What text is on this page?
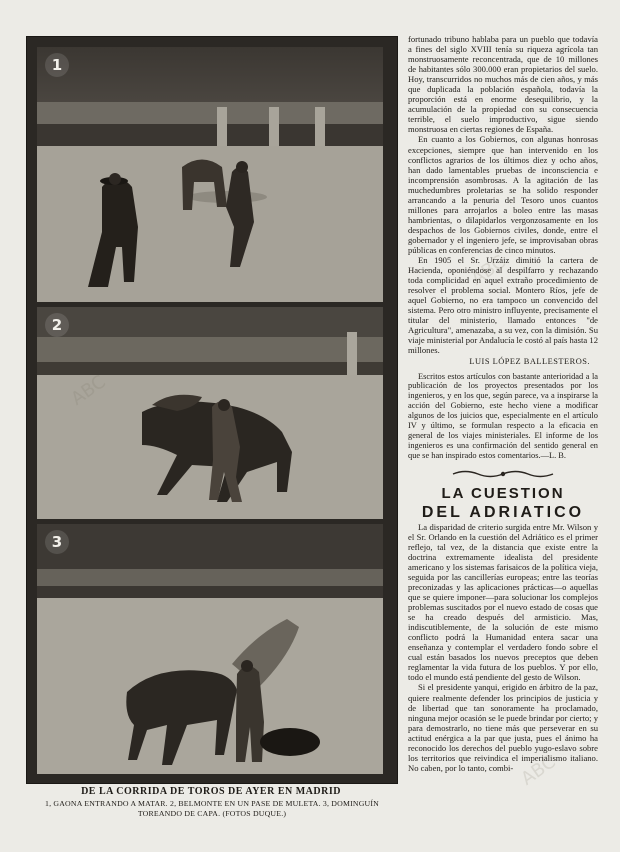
1
2
3
DE LA CORRIDA DE TOROS DE AYER EN MADRID
1, GAONA ENTRANDO A MATAR. 2, BELMONTE EN UN PASE DE MULETA. 3, DOMINGUÍN TOREANDO DE CAPA. (FOTOS DUQUE.)

fortunado tribuno hablaba para un pueblo que todavía a fines del siglo XVIII tenía su riqueza agrícola tan monstruosamente reconcentrada, que de 10 millones de habitantes sólo 300.000 eran propietarios del suelo. Hoy, transcurridos no muchos más de cien años, y más que duplicada la población española, todavía la proporción está en enorme desequilibrio, y la acumulación de la propiedad con su consecuencia terrible, el suelo improductivo, sigue siendo monstruosa en ciertas regiones de España.

En cuanto a los Gobiernos, con algunas honrosas excepciones, siempre que han intervenido en los conflictos agrarios de los últimos diez y ocho años, han dado lamentables pruebas de inconsciencia e incomprensión asombrosas. A la agitación de las muchedumbres proletarias se ha solido responder arrancando a la penuria del Tesoro unos cuantos millones para arrojarlos a boleo entre las masas hambrientas, o dilapidarlos vergonzosamente en los despachos de los Gobiernos civiles, donde, entre el gobernador y el ingeniero jefe, se improvisaban obras públicas en conferencias de cinco minutos.

En 1905 el Sr. Urzáiz dimitió la cartera de Hacienda, oponiéndose al despilfarro y rechazando toda complicidad en aquel extraño procedimiento de resolver el problema social. Montero Ríos, jefe de aquel Gobierno, no era tampoco un convencido del sistema. Pero otro ministro influyente, precisamente el titular del ministerio, llamado entonces "de Agricultura", amenazaba, a su vez, con la dimisión. Su viaje ministerial por Andalucía le costó al país hasta 12 millones.

LUIS LÓPEZ BALLESTEROS.

Escritos estos artículos con bastante anterioridad a la publicación de los proyectos presentados por los ingenieros, y en los que, según parece, va a inspirarse la acción del Gobierno, este hecho viene a modificar algunos de los juicios que, especialmente en el artículo IV y último, se formulan respecto a la eficacia en general de los viajes ministeriales. El informe de los ingenieros es una confirmación del sentido general en que se han inspirado estos comentarios.—L. B.

LA CUESTION
DEL ADRIATICO

La disparidad de criterio surgida entre Mr. Wilson y el Sr. Orlando en la cuestión del Adriático es el primer reflejo, tal vez, de la distancia que existe entre la doctrina extremamente idealista del presidente americano y los sistemas farisaicos de la política vieja, seguida por las cancillerías europeas; entre las teorías preconizadas y las aplicaciones prácticas—o aquellas que se quiere imponer—para solucionar los complejos problemas suscitados por el nuevo estado de cosas que se ha creado después del armisticio. Mas, indiscutiblemente, de la solución de este mismo conflicto podrá la Humanidad entera sacar una enseñanza y contemplar el verdadero fondo sobre el cual están basados los nuevos preceptos que deben reglamentar la vida futura de los pueblos. Y por ello, todo el mundo está pendiente del gesto de Wilson.

Si el presidente yanqui, erigido en árbitro de la paz, quiere realmente defender los principios de justicia y de libertad que tan sonoramente ha proclamado, ninguna mejor ocasión se le puede brindar por cierto; y para demostrarlo, no tiene más que perseverar en su actitud enérgica a la par que justa, pues el ánimo ha reconocido los derechos del pueblo yugo-eslavo sobre los territorios que reivindica el imperialismo italiano. No caben, por lo tanto, combi-

ABC
ABC
